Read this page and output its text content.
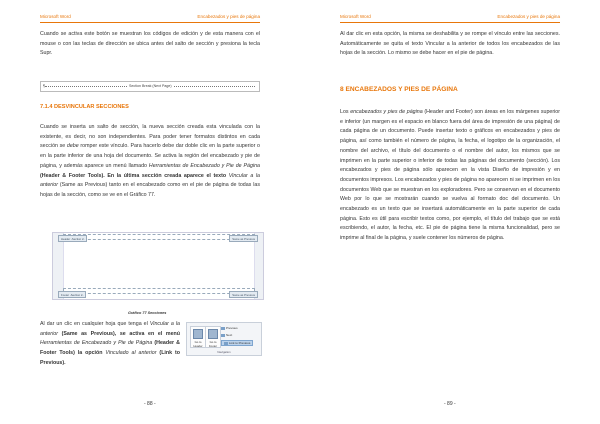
Microsoft Word	Encabezados y pies de página
Cuando se activa este botón se muestran los códigos de edición y de esta manera con el mouse o con las teclas de dirección se ubica antes del salto de sección y presiona la tecla Supr.
¶	Section Break (Next Page)
7.1.4 DESVINCULAR SECCIONES
Cuando se inserta un salto de sección, la nueva sección creada esta vinculada con la existente, es decir, no son independientes. Para poder tener formatos distintos en cada sección se debe romper este vínculo. Para hacerlo debe dar doble clic en la parte superior o en la parte inferior de una hoja del documento. Se activa la región del encabezado y pie de página, y además aparece un menú llamado Herramientas de Encabezado y Pie de Página (Header & Footer Tools). En la última sección creada aparece el texto Vincular a la anterior (Same as Previous) tanto en el encabezado como en el pie de página de todas las hojas de la sección, como se ve en el Gráfico 77.
Header -Section 2-	Same as Previous
Footer -Section 2-	Same as Previous
Gráfico 77 Secciones
Al dar un clic en cualquier hoja que tenga el Vincular a la anterior (Same as Previous), se activa en el menú Herramientas de Encabezado y Pie de Página (Header & Footer Tools) la opción Vinculado al anterior (Link to Previous).
Go to Header
Go to Footer
Previous
Next
Link to Previous
Navigation
- 88 -
Microsoft Word	Encabezados y pies de página
Al dar clic en esta opción, la misma se deshabilita y se rompe el vínculo entre las secciones. Automáticamente se quita el texto Vincular a la anterior de todos los encabezados de las hojas de la sección. Lo mismo se debe hacer en el pie de página.
8 ENCABEZADOS Y PIES DE PÁGINA
Los encabezados y pies de página (Header and Footer) son áreas en los márgenes superior e inferior (un margen es el espacio en blanco fuera del área de impresión de una página) de cada página de un documento. Puede insertar texto o gráficos en encabezados y pies de página, así como también el número de página, la fecha, el logotipo de la organización, el nombre del archivo, el título del documento o el nombre del autor, los mismos que se imprimen en la parte superior o inferior de todas las páginas del documento (sección). Los encabezados y pies de página sólo aparecen en la vista Diseño de impresión y en documentos impresos. Los encabezados y pies de página no aparecen ni se imprimen en los documentos Web que se muestran en los exploradores. Pero se conservan en el documento Web por lo que se mostrarán cuando se vuelva al formato doc del documento. Un encabezado es un texto que se insertará automáticamente en la parte superior de cada página. Esto es útil para escribir textos como, por ejemplo, el título del trabajo que se está escribiendo, el autor, la fecha, etc. El pie de página tiene la misma funcionalidad, pero se imprime al final de la página, y suele contener los números de página.
- 89 -
